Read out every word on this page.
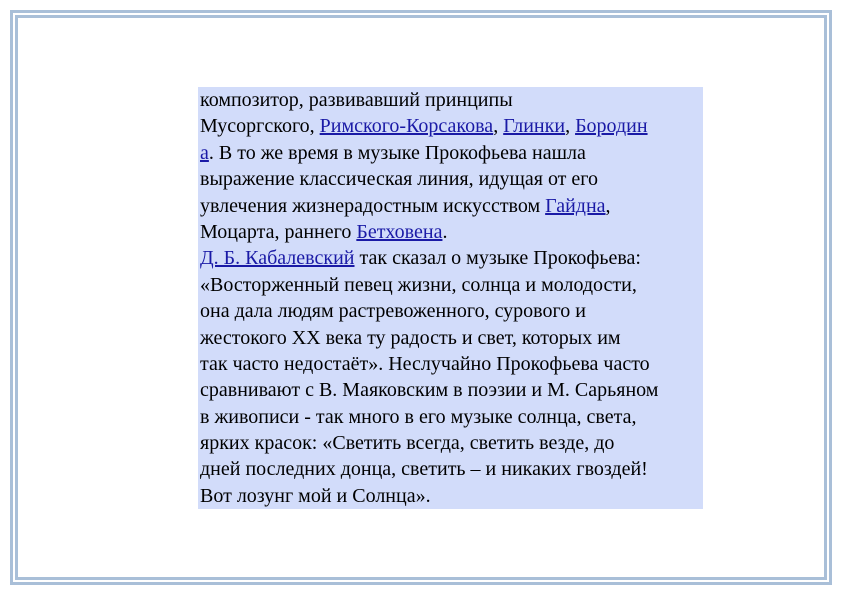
композитор, развивавший принципы
Мусоргского, Римского-Корсакова, Глинки, Бородин
а. В то же время в музыке Прокофьева нашла
выражение классическая линия, идущая от его
увлечения жизнерадостным искусством Гайдна,
Моцарта, раннего Бетховена.
Д. Б. Кабалевский так сказал о музыке Прокофьева:
«Восторженный певец жизни, солнца и молодости,
она дала людям растревоженного, сурового и
жестокого ХХ века ту радость и свет, которых им
так часто недостаёт». Неслучайно Прокофьева часто
сравнивают с В. Маяковским в поэзии и М. Сарьяном
в живописи - так много в его музыке солнца, света,
ярких красок: «Светить всегда, светить везде, до
дней последних донца, светить – и никаких гвоздей!
Вот лозунг мой и Солнца».
